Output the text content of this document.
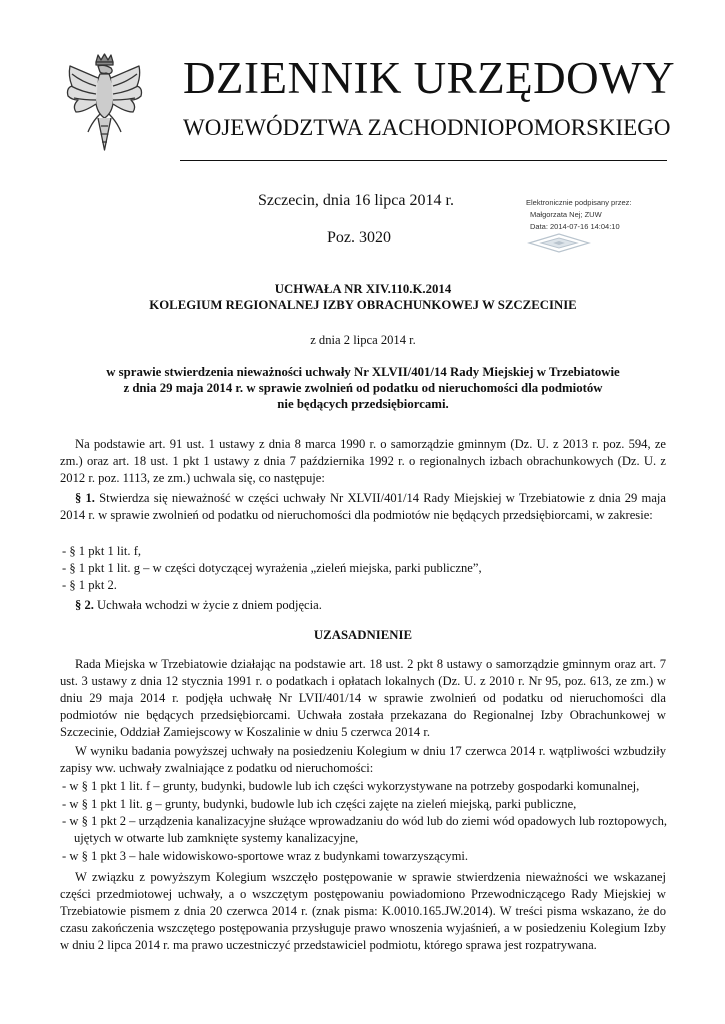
DZIENNIK URZĘDOWY
WOJEWÓDZTWA ZACHODNIOPOMORSKIEGO
Szczecin, dnia 16 lipca 2014 r.
Poz. 3020
Elektronicznie podpisany przez:
Małgorzata Nej; ZUW
Data: 2014-07-16 14:04:10
UCHWAŁA NR XIV.110.K.2014
KOLEGIUM REGIONALNEJ IZBY OBRACHUNKOWEJ W SZCZECINIE
z dnia 2 lipca 2014 r.
w sprawie stwierdzenia nieważności uchwały Nr XLVII/401/14 Rady Miejskiej w Trzebiatowie
z dnia 29 maja 2014 r. w sprawie zwolnień od podatku od nieruchomości dla podmiotów
nie będących przedsiębiorcami.
Na podstawie art. 91 ust. 1 ustawy z dnia 8 marca 1990 r. o samorządzie gminnym (Dz. U. z 2013 r. poz. 594, ze zm.) oraz art. 18 ust. 1 pkt 1 ustawy z dnia 7 października 1992 r. o regionalnych izbach obrachunkowych (Dz. U. z 2012 r. poz. 1113, ze zm.) uchwala się, co następuje:
§ 1. Stwierdza się nieważność w części uchwały Nr XLVII/401/14 Rady Miejskiej w Trzebiatowie z dnia 29 maja 2014 r. w sprawie zwolnień od podatku od nieruchomości dla podmiotów nie będących przedsiębiorcami, w zakresie:
- § 1 pkt 1 lit. f,
- § 1 pkt 1 lit. g – w części dotyczącej wyrażenia „zieleń miejska, parki publiczne”,
- § 1 pkt 2.
§ 2. Uchwała wchodzi w życie z dniem podjęcia.
UZASADNIENIE
Rada Miejska w Trzebiatowie działając na podstawie art. 18 ust. 2 pkt 8 ustawy o samorządzie gminnym oraz art. 7 ust. 3 ustawy z dnia 12 stycznia 1991 r. o podatkach i opłatach lokalnych (Dz. U. z 2010 r. Nr 95, poz. 613, ze zm.) w dniu 29 maja 2014 r. podjęła uchwałę Nr LVII/401/14 w sprawie zwolnień od podatku od nieruchomości dla podmiotów nie będących przedsiębiorcami. Uchwała została przekazana do Regionalnej Izby Obrachunkowej w Szczecinie, Oddział Zamiejscowy w Koszalinie w dniu 5 czerwca 2014 r.
W wyniku badania powyższej uchwały na posiedzeniu Kolegium w dniu 17 czerwca 2014 r. wątpliwości wzbudziły zapisy ww. uchwały zwalniające z podatku od nieruchomości:
- w § 1 pkt 1 lit. f – grunty, budynki, budowle lub ich części wykorzystywane na potrzeby gospodarki komunalnej,
- w § 1 pkt 1 lit. g – grunty, budynki, budowle lub ich części zajęte na zieleń miejską, parki publiczne,
- w § 1 pkt 2 – urządzenia kanalizacyjne służące wprowadzaniu do wód lub do ziemi wód opadowych lub roztopowych, ujętych w otwarte lub zamknięte systemy kanalizacyjne,
- w § 1 pkt 3 – hale widowiskowo-sportowe wraz z budynkami towarzyszącymi.
W związku z powyższym Kolegium wszczęło postępowanie w sprawie stwierdzenia nieważności we wskazanej części przedmiotowej uchwały, a o wszczętym postępowaniu powiadomiono Przewodniczącego Rady Miejskiej w Trzebiatowie pismem z dnia 20 czerwca 2014 r. (znak pisma: K.0010.165.JW.2014). W treści pisma wskazano, że do czasu zakończenia wszczętego postępowania przysługuje prawo wnoszenia wyjaśnień, a w posiedzeniu Kolegium Izby w dniu 2 lipca 2014 r. ma prawo uczestniczyć przedstawiciel podmiotu, którego sprawa jest rozpatrywana.
